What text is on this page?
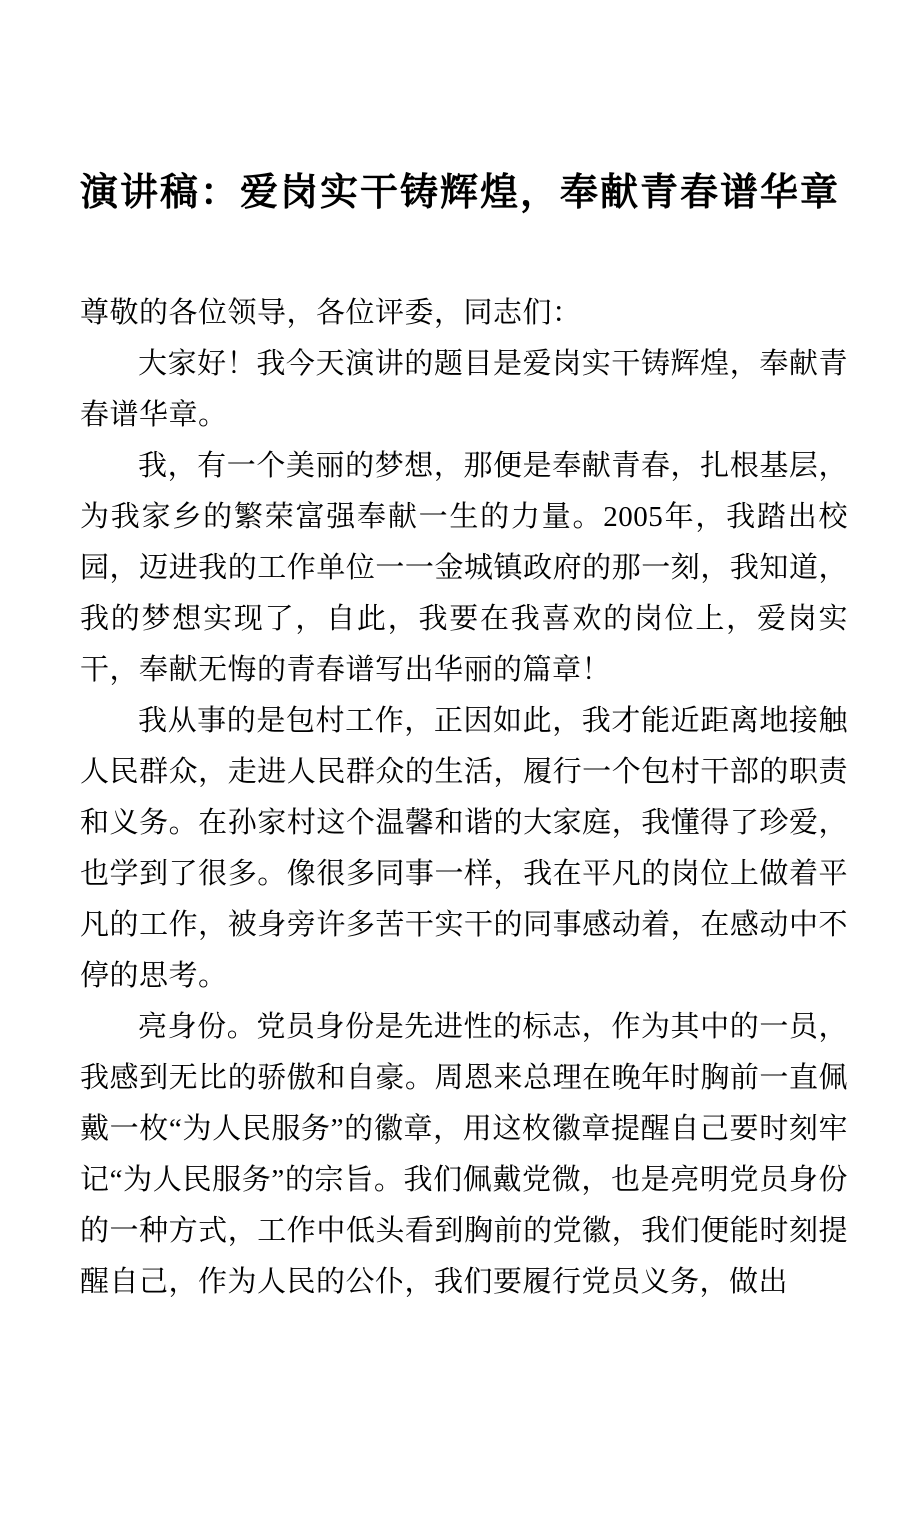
演讲稿：爱岗实干铸辉煌，奉献青春谱华章

尊敬的各位领导，各位评委，同志们：

大家好！我今天演讲的题目是爱岗实干铸辉煌，奉献青春谱华章。

我，有一个美丽的梦想，那便是奉献青春，扎根基层，为我家乡的繁荣富强奉献一生的力量。2005年，我踏出校园，迈进我的工作单位一一金城镇政府的那一刻，我知道，我的梦想实现了，自此，我要在我喜欢的岗位上，爱岗实干，奉献无悔的青春谱写出华丽的篇章！

我从事的是包村工作，正因如此，我才能近距离地接触人民群众，走进人民群众的生活，履行一个包村干部的职责和义务。在孙家村这个温馨和谐的大家庭，我懂得了珍爱，也学到了很多。像很多同事一样，我在平凡的岗位上做着平凡的工作，被身旁许多苦干实干的同事感动着，在感动中不停的思考。

亮身份。党员身份是先进性的标志，作为其中的一员，我感到无比的骄傲和自豪。周恩来总理在晚年时胸前一直佩戴一枚“为人民服务”的徽章，用这枚徽章提醒自己要时刻牢记“为人民服务”的宗旨。我们佩戴党微，也是亮明党员身份的一种方式，工作中低头看到胸前的党徽，我们便能时刻提醒自己，作为人民的公仆，我们要履行党员义务，做出
